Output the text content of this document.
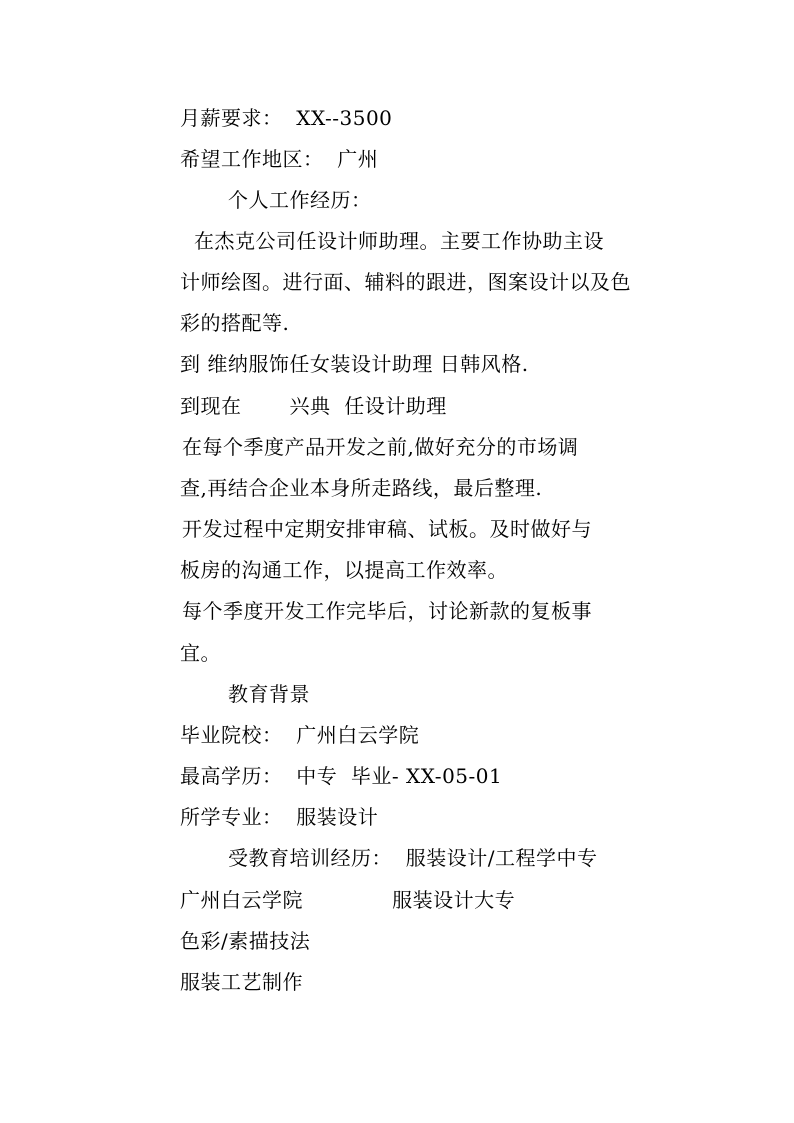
月薪要求： XX--3500
希望工作地区： 广州
个人工作经历：
在杰克公司任设计师助理。主要工作协助主设
计师绘图。进行面、辅料的跟进，图案设计以及色
彩的搭配等.
到 维纳服饰任女装设计助理 日韩风格.
到现在       兴典  任设计助理
在每个季度产品开发之前,做好充分的市场调
查,再结合企业本身所走路线，最后整理.
开发过程中定期安排审稿、试板。及时做好与
板房的沟通工作，以提高工作效率。
每个季度开发工作完毕后，讨论新款的复板事
宜。
教育背景
毕业院校： 广州白云学院
最高学历： 中专  毕业- XX-05-01
所学专业： 服装设计
受教育培训经历： 服装设计/工程学中专
广州白云学院             服装设计大专
色彩/素描技法
服装工艺制作
